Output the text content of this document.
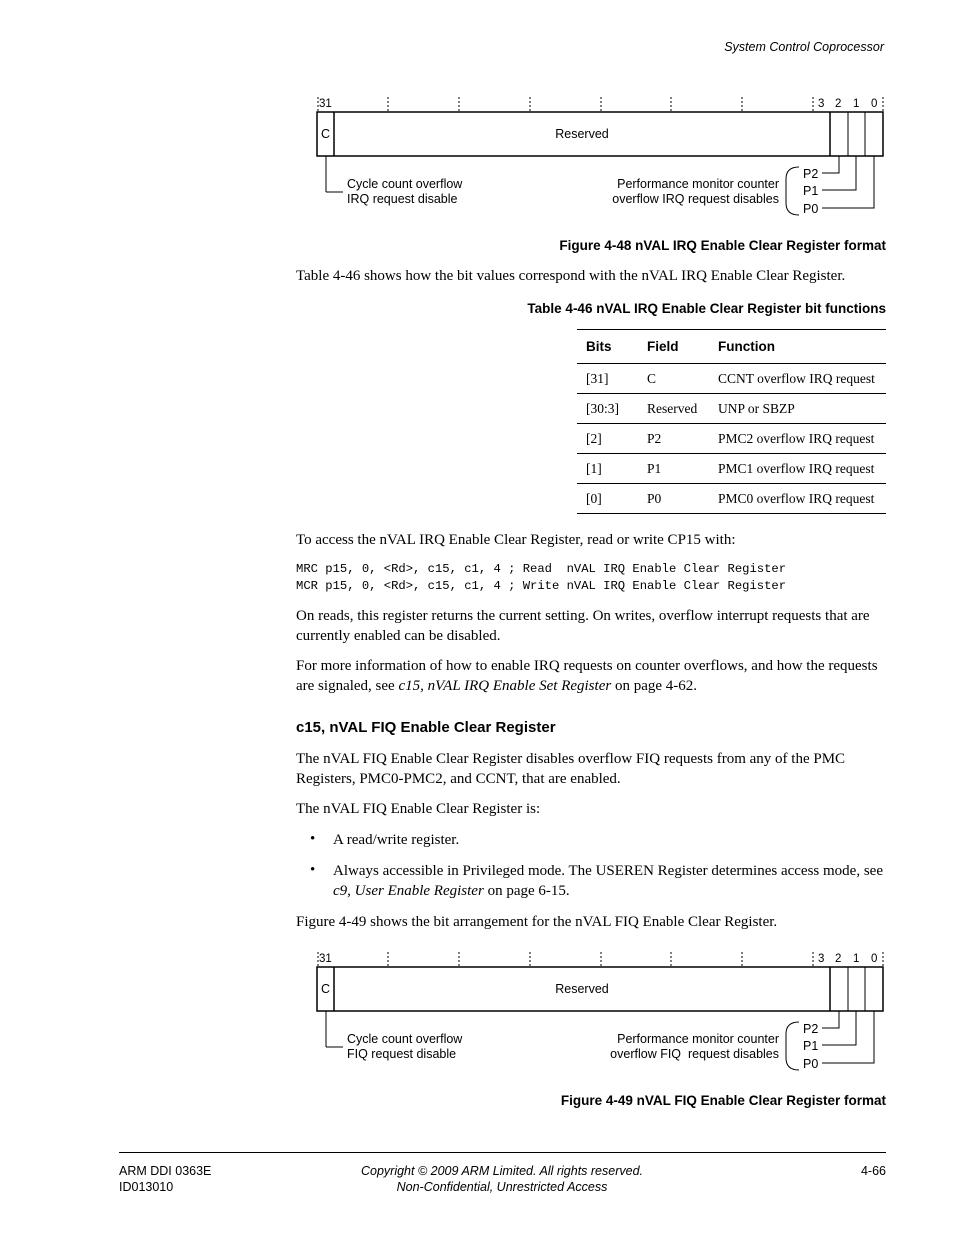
System Control Coprocessor
31	3 2 1 0
C	Reserved
Cycle count overflow
IRQ request disable
Performance monitor counter
overflow IRQ request disables
P2
P1
P0
Figure 4-48 nVAL IRQ Enable Clear Register format
Table 4-46 shows how the bit values correspond with the nVAL IRQ Enable Clear Register.
Table 4-46 nVAL IRQ Enable Clear Register bit functions
Bits	Field	Function
[31]	C	CCNT overflow IRQ request
[30:3]	Reserved	UNP or SBZP
[2]	P2	PMC2 overflow IRQ request
[1]	P1	PMC1 overflow IRQ request
[0]	P0	PMC0 overflow IRQ request
To access the nVAL IRQ Enable Clear Register, read or write CP15 with:
MRC p15, 0, <Rd>, c15, c1, 4 ; Read  nVAL IRQ Enable Clear Register
MCR p15, 0, <Rd>, c15, c1, 4 ; Write nVAL IRQ Enable Clear Register
On reads, this register returns the current setting. On writes, overflow interrupt requests that are currently enabled can be disabled.
For more information of how to enable IRQ requests on counter overflows, and how the requests are signaled, see c15, nVAL IRQ Enable Set Register on page 4-62.
c15, nVAL FIQ Enable Clear Register
The nVAL FIQ Enable Clear Register disables overflow FIQ requests from any of the PMC Registers, PMC0-PMC2, and CCNT, that are enabled.
The nVAL FIQ Enable Clear Register is:
• A read/write register.
• Always accessible in Privileged mode. The USEREN Register determines access mode, see c9, User Enable Register on page 6-15.
Figure 4-49 shows the bit arrangement for the nVAL FIQ Enable Clear Register.
31	3 2 1 0
C	Reserved
Cycle count overflow
FIQ request disable
Performance monitor counter
overflow FIQ  request disables
P2
P1
P0
Figure 4-49 nVAL FIQ Enable Clear Register format
ARM DDI 0363E
ID013010
Copyright © 2009 ARM Limited. All rights reserved.
Non-Confidential, Unrestricted Access
4-66
